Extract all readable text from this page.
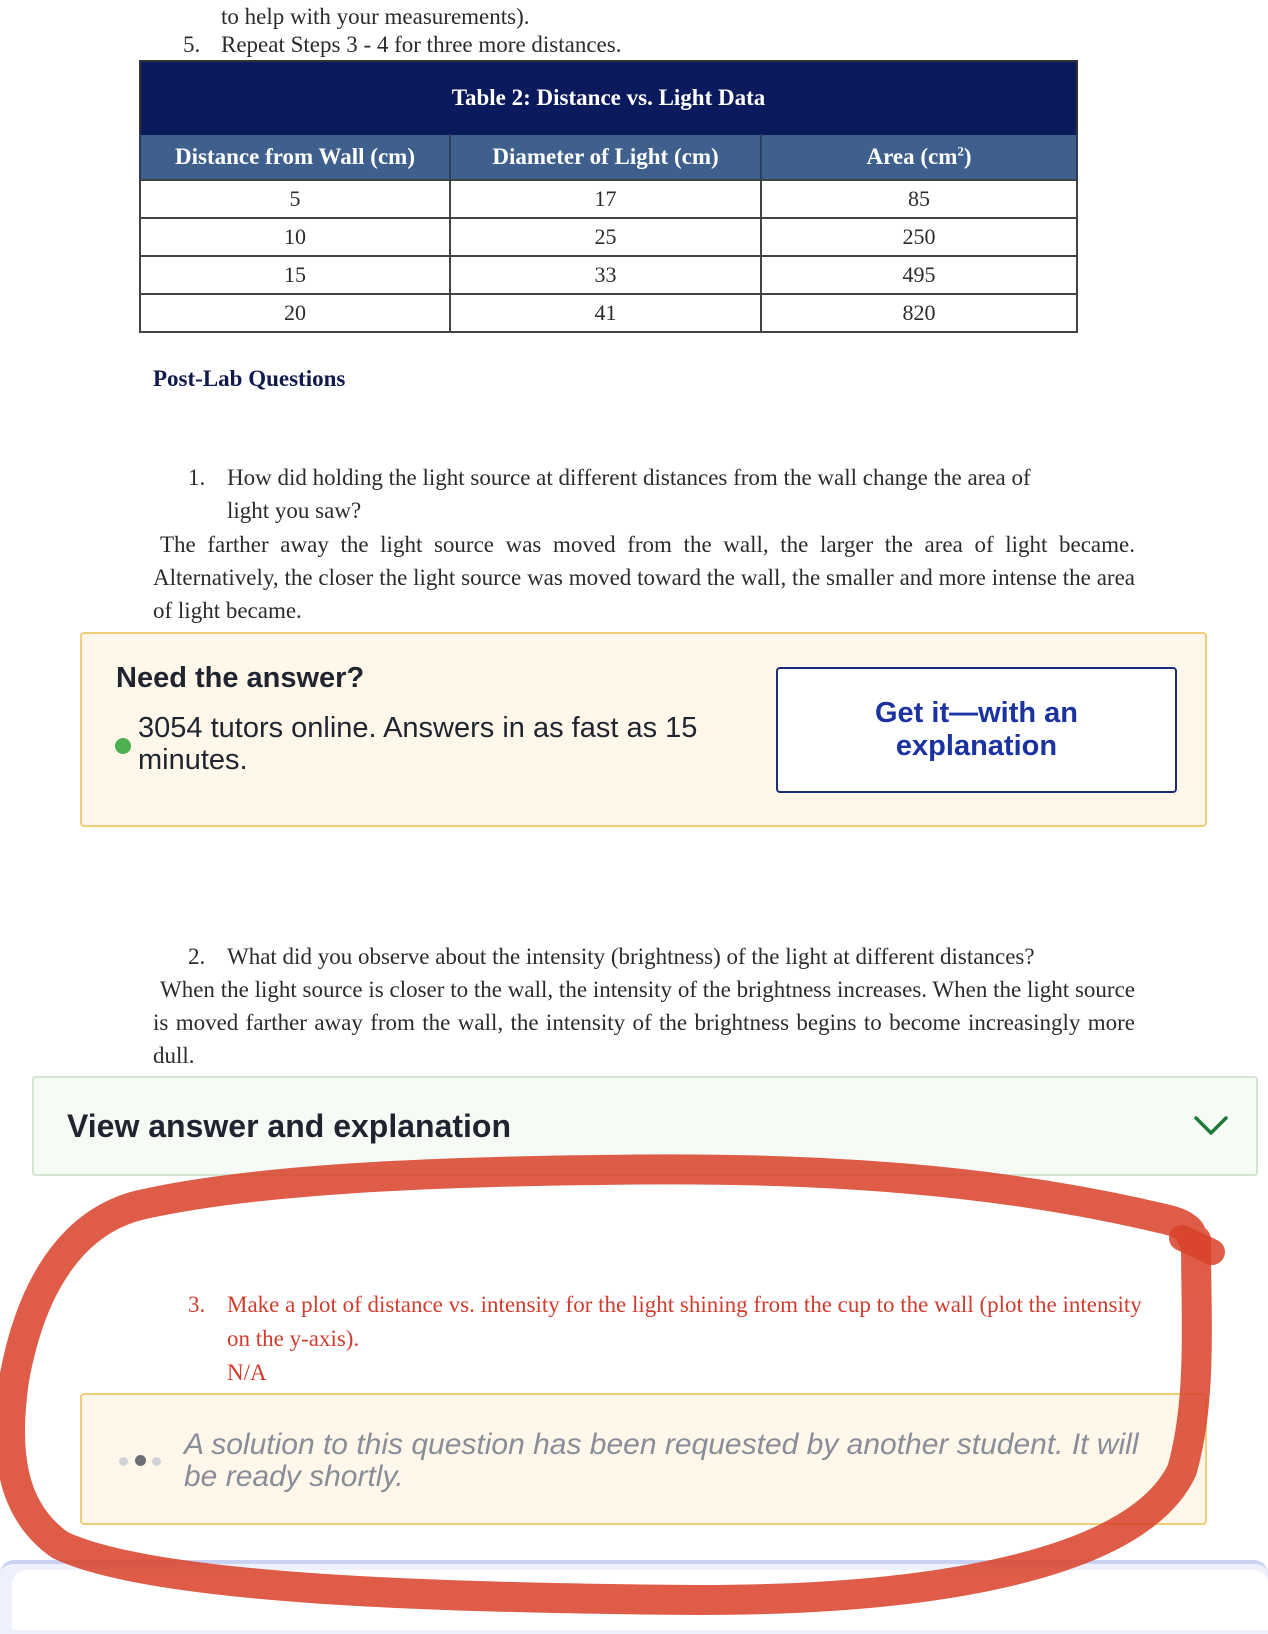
to help with your measurements).
5. Repeat Steps 3 - 4 for three more distances.
Table 2: Distance vs. Light Data		
Distance from Wall (cm)	Diameter of Light (cm)	Area $(cm^2)$
5	17	85
10	25	250
15	33	495
20	41	820
Post-Lab Questions
1. How did holding the light source at different distances from the wall change the area of
light you saw?
The farther away the light source was moved from the wall, the larger the area of light became. Alternatively, the closer the light source was moved toward the wall, the smaller and more intense the area of light became.
Need the answer?
3054 tutors online. Answers in as fast as 15 minutes.
Get it—with an explanation
2. What did you observe about the intensity (brightness) of the light at different distances?
When the light source is closer to the wall, the intensity of the brightness increases. When the light source is moved farther away from the wall, the intensity of the brightness begins to become increasingly more dull.
View answer and explanation
3. Make a plot of distance vs. intensity for the light shining from the cup to the wall (plot the intensity on the y-axis).
N/A
A solution to this question has been requested by another student. It will be ready shortly.
